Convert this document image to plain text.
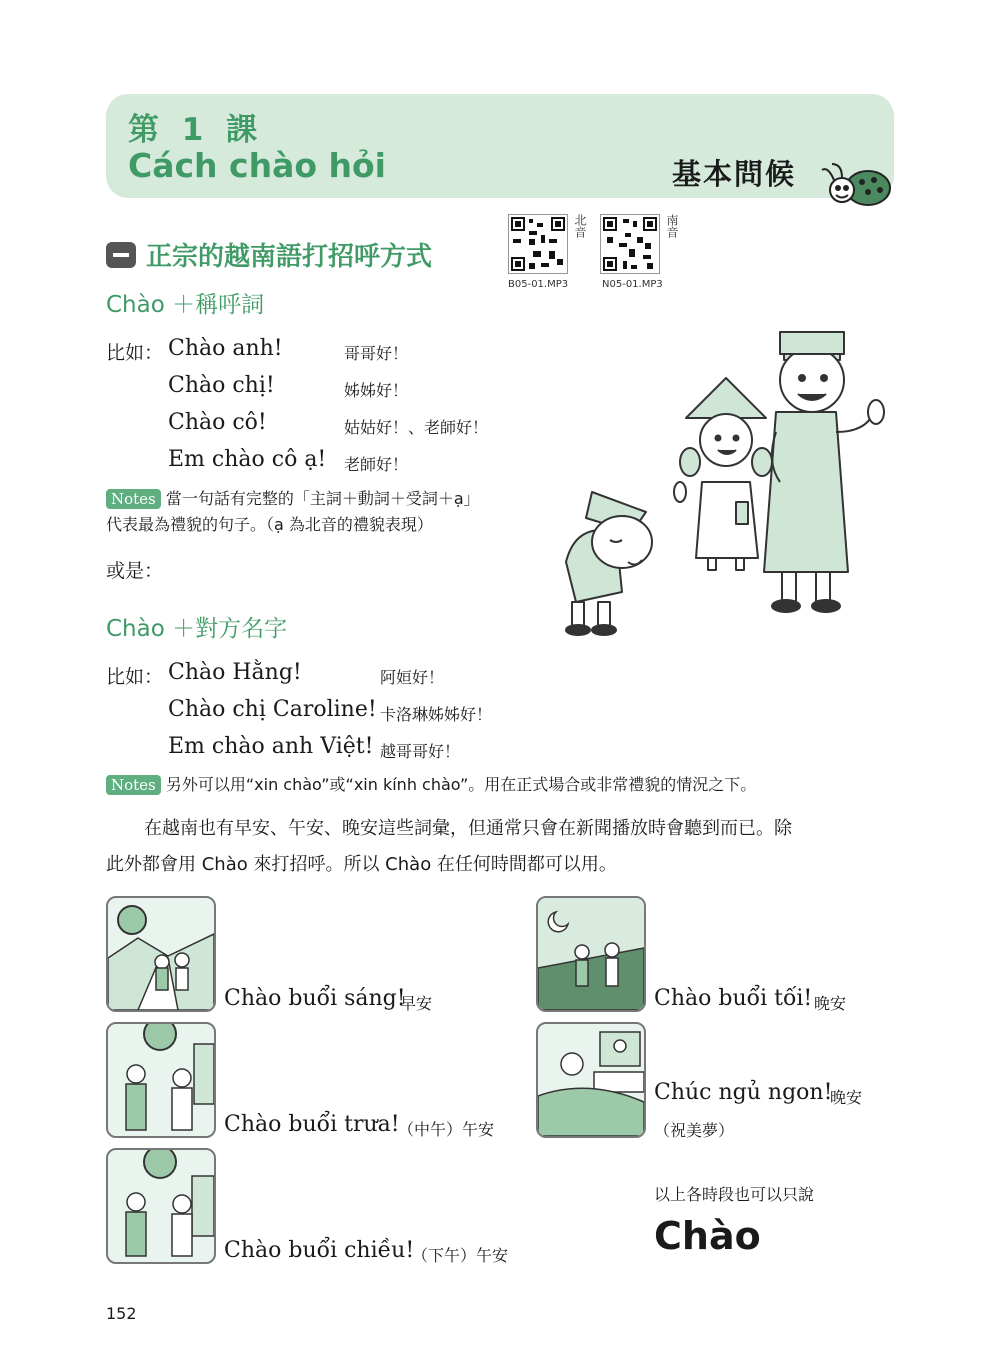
第 1 課
Cách chào hỏi	基本問候
正宗的越南語打招呼方式
北音
B05-01.MP3
南音
N05-01.MP3
Chào ＋稱呼詞
比如： Chào anh!	哥哥好！
Chào chị!	姊姊好！
Chào cô!	姑姑好！、老師好！
Em chào cô ạ! 老師好！
Notes 當一句話有完整的「主詞＋動詞＋受詞＋ạ」
代表最為禮貌的句子。（ạ 為北音的禮貌表現）
或是：
Chào ＋對方名字
比如： Chào Hằng!	阿姮好！
Chào chị Caroline! 卡洛琳姊姊好！
Em chào anh Việt! 越哥哥好！
Notes 另外可以用“xin chào”或“xin kính chào”。用在正式場合或非常禮貌的情況之下。
在越南也有早安、午安、晚安這些詞彙，但通常只會在新聞播放時會聽到而已。除
此外都會用 Chào 來打招呼。所以 Chào 在任何時間都可以用。
Chào buổi sáng!
早安
Chào buổi trưa!
（中午）午安
Chào buổi chiều!
（下午）午安
Chào buổi tối! 晚安
Chúc ngủ ngon!
晚安
（祝美夢）
以上各時段也可以只說
Chào
152
